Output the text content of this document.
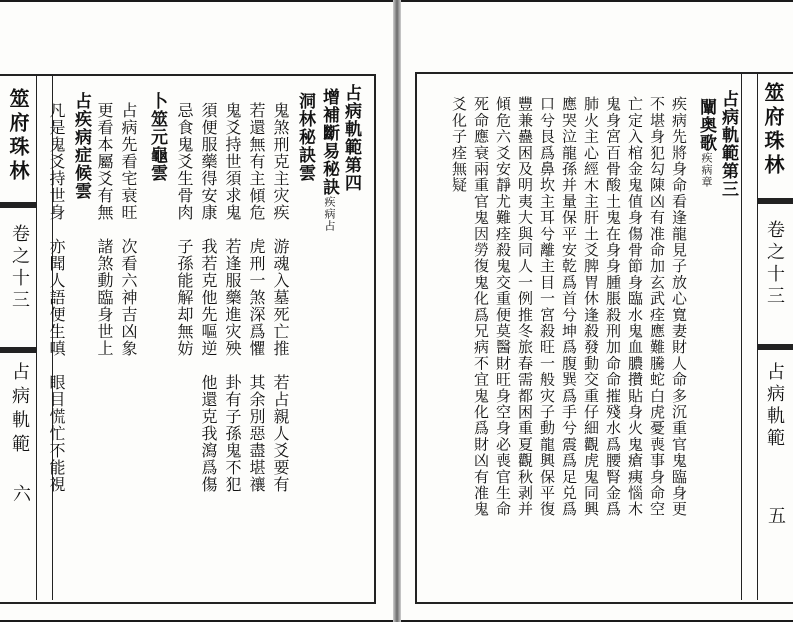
筮府珠林
卷之十三
占病軌範
六
占病軌範第四
增補斷易秘訣疾病占
洞林秘訣雲
鬼煞刑克主灾疾　游魂入墓死亡推　若占親人爻要有
若還無有主傾危　虎刑一煞深爲懼　其余別惡盡堪禳
鬼爻持世須求鬼　若逢服藥進灾殃　卦有子孫鬼不犯
須便服藥得安康　我若克他先嘔逆　他還克我瀉爲傷
忌食鬼爻生骨肉　子孫能解却無妨
卜筮元龜雲
占病先看宅衰旺　次看六神吉凶象
更看本屬爻有無　諸煞動臨身世上
占疾病症候雲
凡是鬼爻持世身　亦聞人語便生嗔　眼目慌忙不能視	筮府珠林
卷之十三
占病軌範
五
占病軌範第三
闡奥歌疾病章
疾病先將身命看逢龍見子放心寬妻財人命多沉重官鬼臨身更
不堪身犯勾陳凶有准命加玄武痊應難騰蛇白虎憂喪事身命空
亡定入棺金鬼值身傷骨節身臨水鬼血膿攢貼身火鬼瘡痍惱木
鬼身宮百骨酸土鬼在身身腫脹殺刑加命命摧殘水爲腰腎金爲
肺火主心經木主肝土爻脾胃休逢殺發動交重仔細觀虎鬼同興
應哭泣龍孫并量保平安乾爲首兮坤爲腹巽爲手兮震爲足兑爲
口兮艮爲鼻坎主耳兮離主目一宮殺旺一般灾子動龍興保平復
豐兼蠱困及明夷大與同人一例推冬旅春需都困重夏觀秋剥并
傾危六爻安靜尤難痊殺鬼交重便莫醫財旺身空身必喪官生命
死命應衰兩重官鬼因勞復鬼化爲兄病不宜鬼化爲財凶有准鬼
爻化子痊無疑
